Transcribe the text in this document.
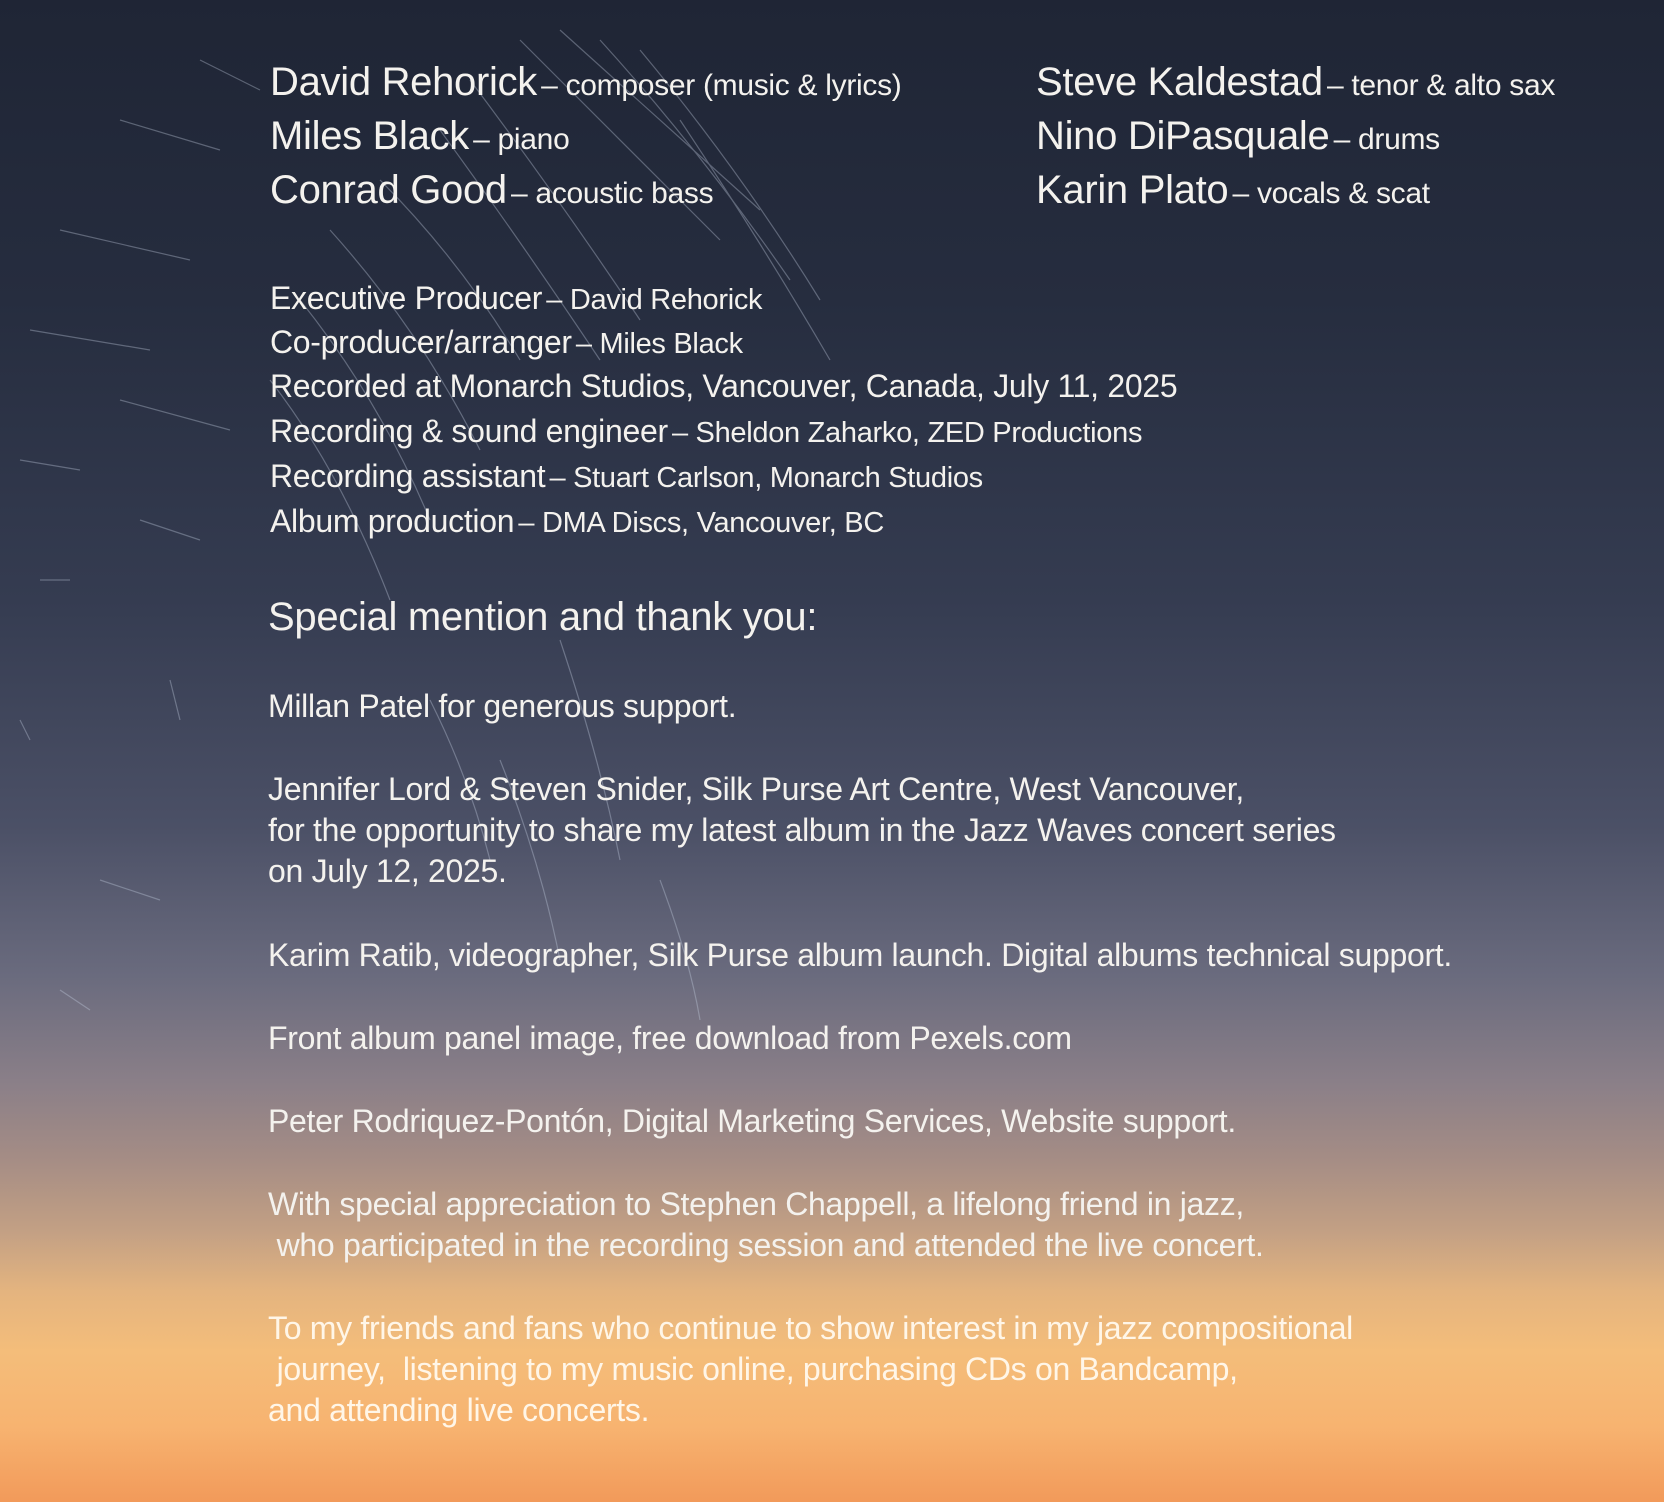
David Rehorick – composer (music & lyrics)
Miles Black – piano
Conrad Good – acoustic bass
Steve Kaldestad – tenor & alto sax
Nino DiPasquale – drums
Karin Plato – vocals & scat
Executive Producer – David Rehorick
Co-producer/arranger – Miles Black
Recorded at Monarch Studios, Vancouver, Canada, July 11, 2025
Recording & sound engineer – Sheldon Zaharko, ZED Productions
Recording assistant – Stuart Carlson, Monarch Studios
Album production – DMA Discs, Vancouver, BC
Special mention and thank you:
Millan Patel for generous support.
Jennifer Lord & Steven Snider, Silk Purse Art Centre, West Vancouver,
for the opportunity to share my latest album in the Jazz Waves concert series
on July 12, 2025.
Karim Ratib, videographer, Silk Purse album launch. Digital albums technical support.
Front album panel image, free download from Pexels.com
Peter Rodriquez-Pontón, Digital Marketing Services, Website support.
With special appreciation to Stephen Chappell, a lifelong friend in jazz,
who participated in the recording session and attended the live concert.
To my friends and fans who continue to show interest in my jazz compositional
journey,  listening to my music online, purchasing CDs on Bandcamp,
and attending live concerts.
